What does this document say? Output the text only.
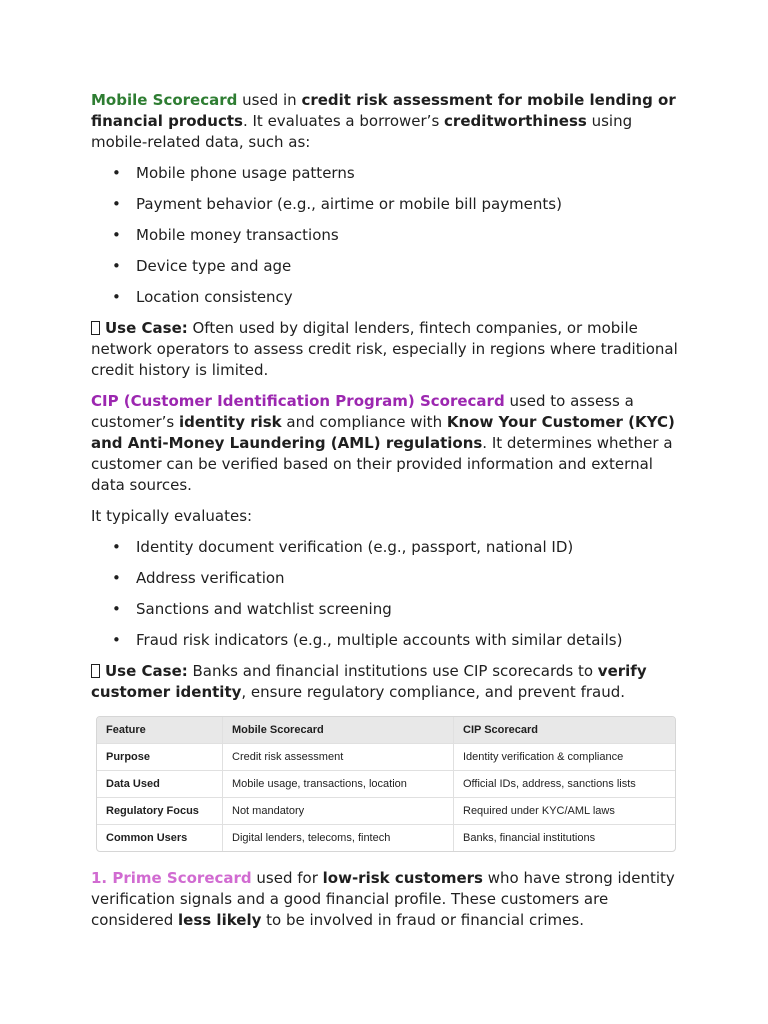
Mobile Scorecard used in credit risk assessment for mobile lending or financial products. It evaluates a borrower’s creditworthiness using mobile-related data, such as:

• Mobile phone usage patterns
• Payment behavior (e.g., airtime or mobile bill payments)
• Mobile money transactions
• Device type and age
• Location consistency

Use Case: Often used by digital lenders, fintech companies, or mobile network operators to assess credit risk, especially in regions where traditional credit history is limited.

CIP (Customer Identification Program) Scorecard used to assess a customer’s identity risk and compliance with Know Your Customer (KYC) and Anti-Money Laundering (AML) regulations. It determines whether a customer can be verified based on their provided information and external data sources.

It typically evaluates:

• Identity document verification (e.g., passport, national ID)
• Address verification
• Sanctions and watchlist screening
• Fraud risk indicators (e.g., multiple accounts with similar details)

Use Case: Banks and financial institutions use CIP scorecards to verify customer identity, ensure regulatory compliance, and prevent fraud.

Feature	Mobile Scorecard	CIP Scorecard
Purpose	Credit risk assessment	Identity verification & compliance
Data Used	Mobile usage, transactions, location	Official IDs, address, sanctions lists
Regulatory Focus	Not mandatory	Required under KYC/AML laws
Common Users	Digital lenders, telecoms, fintech	Banks, financial institutions

1. Prime Scorecard used for low-risk customers who have strong identity verification signals and a good financial profile. These customers are considered less likely to be involved in fraud or financial crimes.
